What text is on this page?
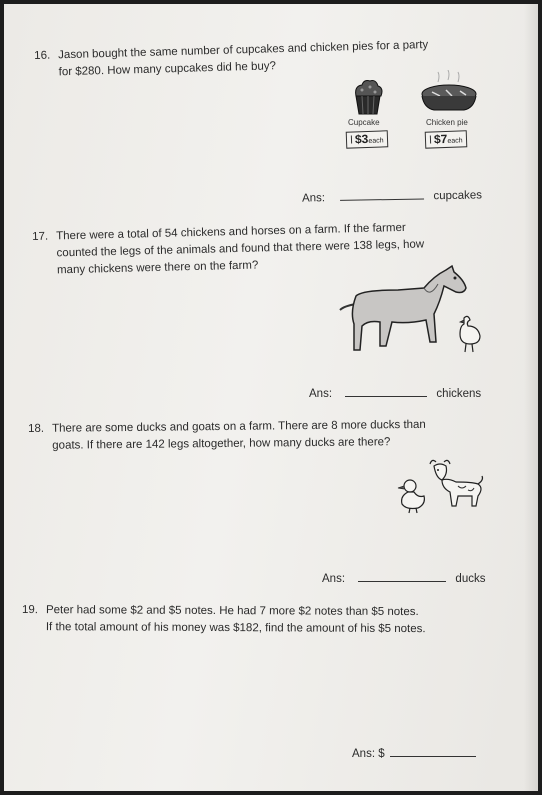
16. Jason bought the same number of cupcakes and chicken pies for a party
for $280. How many cupcakes did he buy?
Cupcake
$3each
Chicken pie
$7each
Ans:	cupcakes
17. There were a total of 54 chickens and horses on a farm. If the farmer
counted the legs of the animals and found that there were 138 legs, how
many chickens were there on the farm?
Ans:	chickens
18. There are some ducks and goats on a farm. There are 8 more ducks than
goats. If there are 142 legs altogether, how many ducks are there?
Ans:	ducks
19. Peter had some $2 and $5 notes. He had 7 more $2 notes than $5 notes.
If the total amount of his money was $182, find the amount of his $5 notes.
Ans: $
